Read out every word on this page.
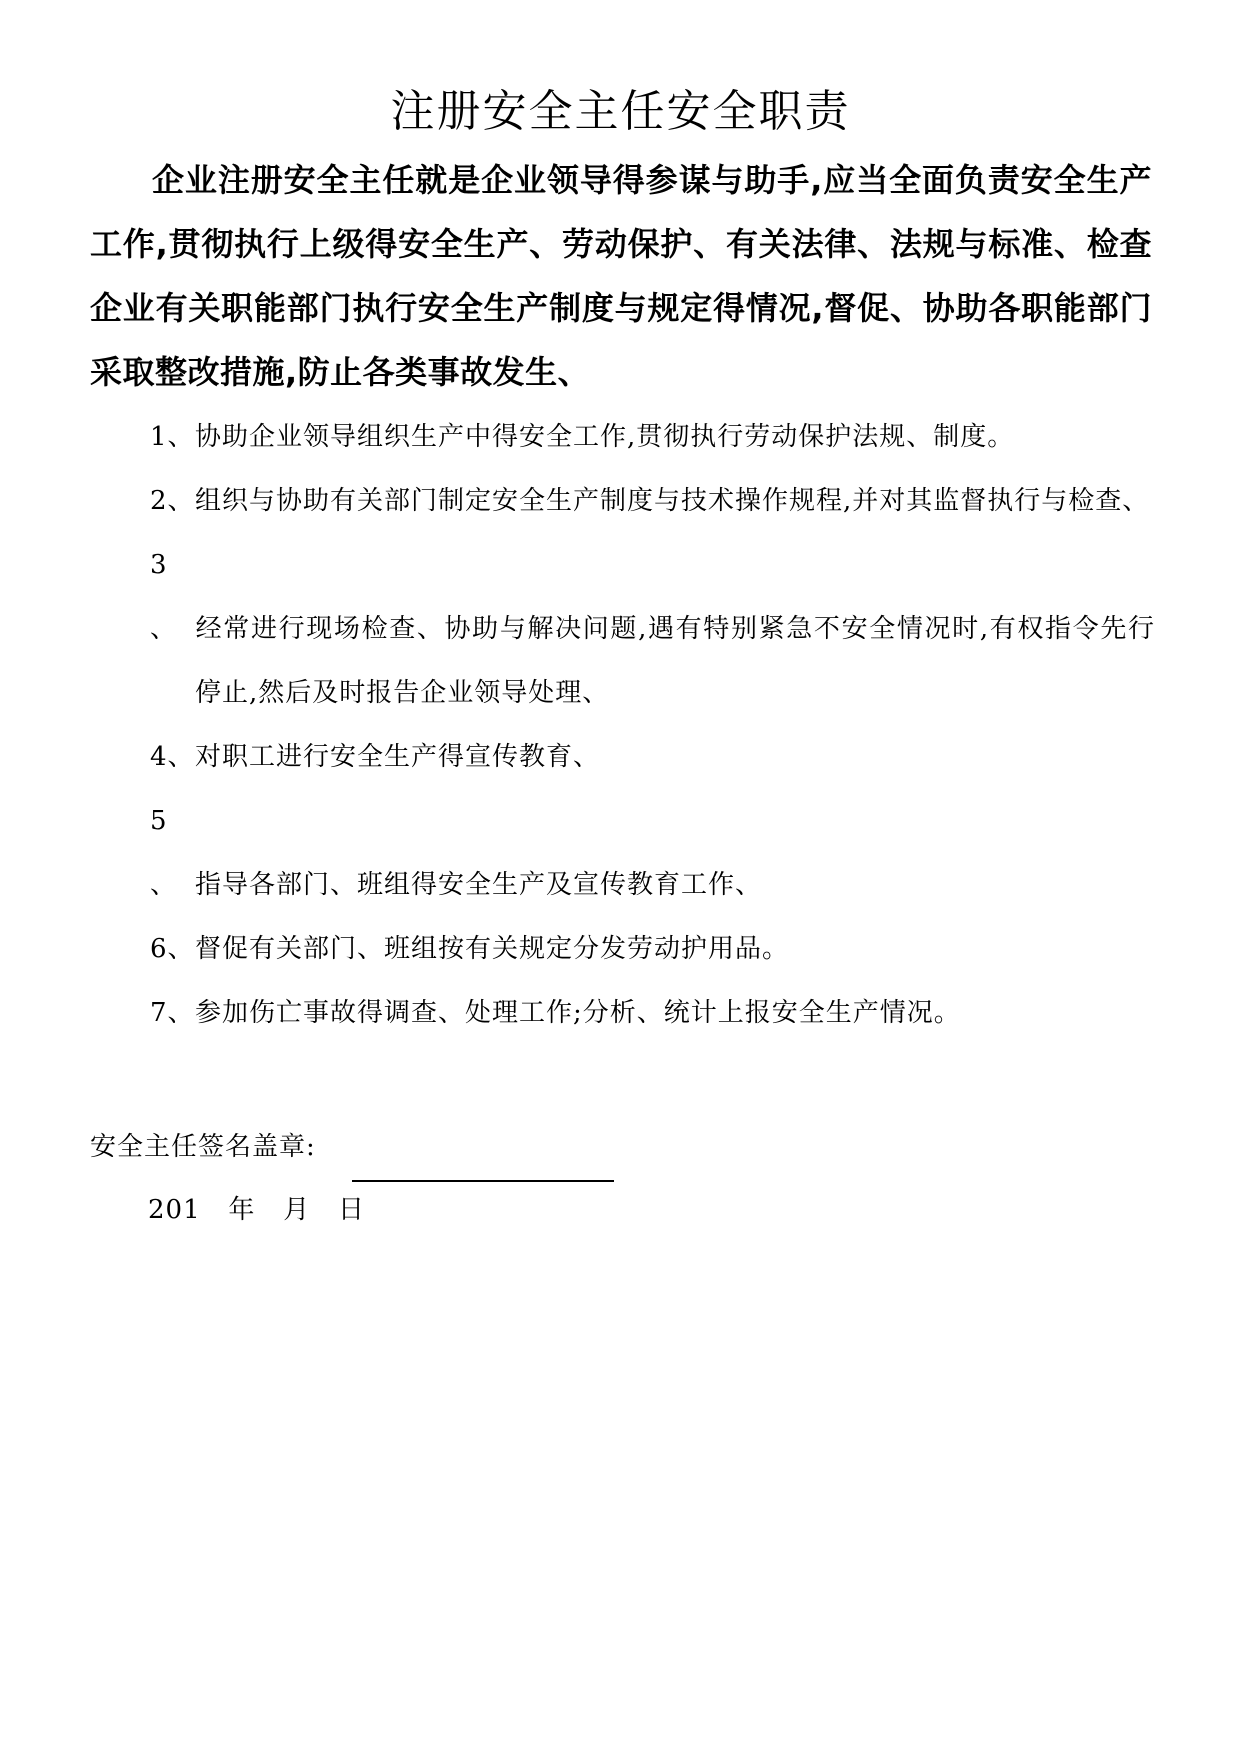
注册安全主任安全职责

企业注册安全主任就是企业领导得参谋与助手,应当全面负责安全生产工作,贯彻执行上级得安全生产、劳动保护、有关法律、法规与标准、检查企业有关职能部门执行安全生产制度与规定得情况,督促、协助各职能部门采取整改措施,防止各类事故发生、

1、协助企业领导组织生产中得安全工作,贯彻执行劳动保护法规、制度。
2、组织与协助有关部门制定安全生产制度与技术操作规程,并对其监督执行与检查、
3 、 经常进行现场检查、协助与解决问题,遇有特别紧急不安全情况时,有权指令先行停止,然后及时报告企业领导处理、
4、对职工进行安全生产得宣传教育、
5 、 指导各部门、班组得安全生产及宣传教育工作、
6、督促有关部门、班组按有关规定分发劳动护用品。
7、参加伤亡事故得调查、处理工作;分析、统计上报安全生产情况。
安全主任签名盖章:
201   年   月   日
